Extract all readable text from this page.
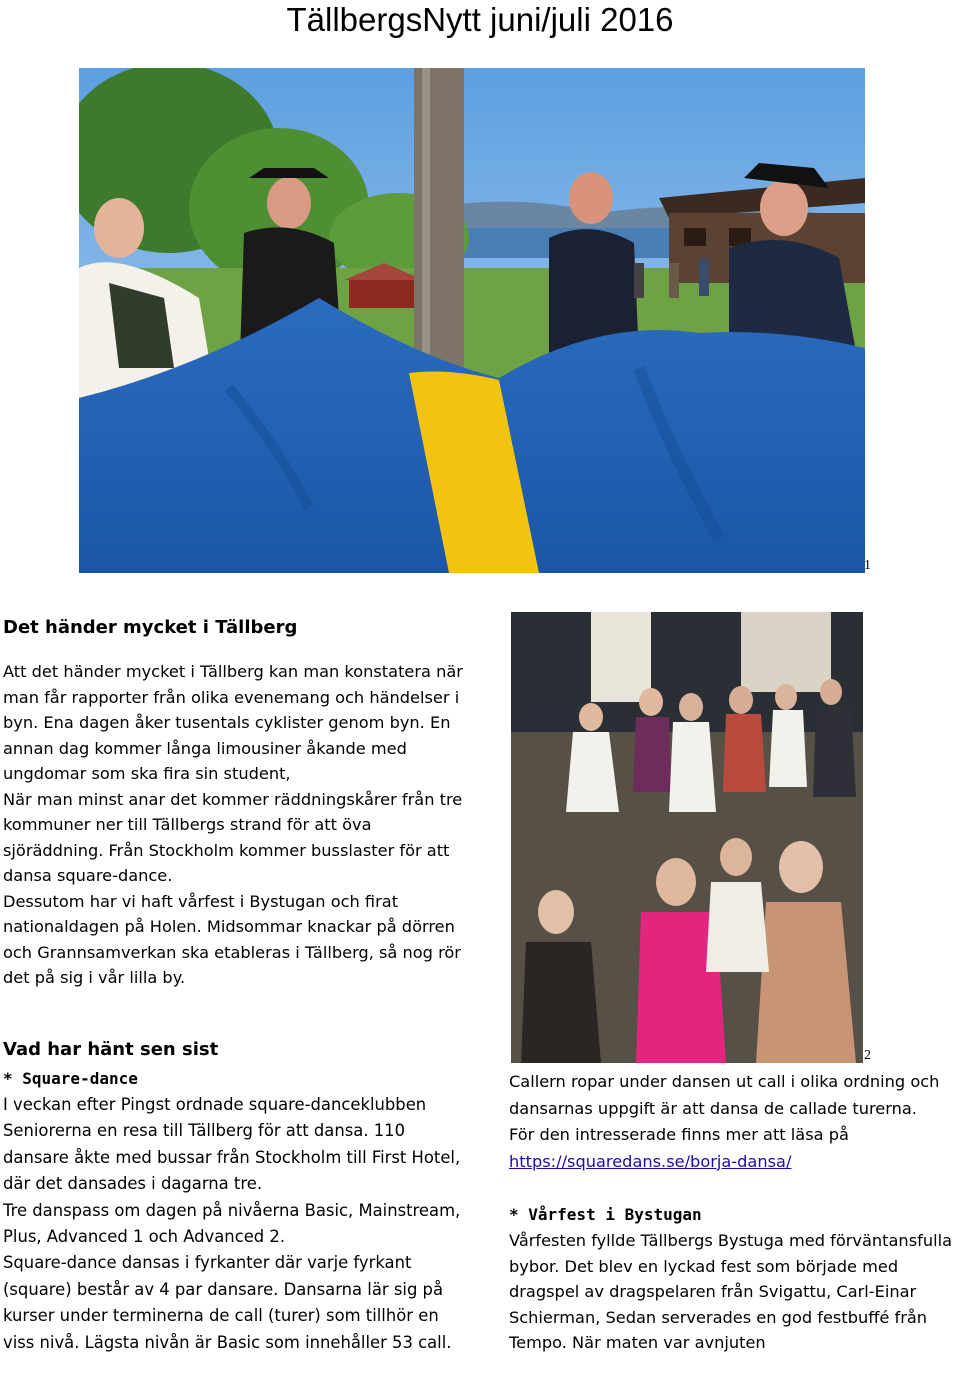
TällbergsNytt juni/juli 2016
1
Det händer mycket i Tällberg

Att det händer mycket i Tällberg kan man konstatera när man får rapporter från olika evenemang och händelser i byn. Ena dagen åker tusentals cyklister genom byn. En annan dag kommer långa limousiner åkande med ungdomar som ska fira sin student,

När man minst anar det kommer räddningskårer från tre kommuner ner till Tällbergs strand för att öva sjöräddning. Från Stockholm kommer busslaster för att dansa square-dance.

Dessutom har vi haft vårfest i Bystugan och firat nationaldagen på Holen. Midsommar knackar på dörren och Grannsamverkan ska etableras i Tällberg, så nog rör det på sig i vår lilla by.

2
Vad har hänt sen sist
* Square-dance

I veckan efter Pingst ordnade square-danceklubben Seniorerna en resa till Tällberg för att dansa. 110 dansare åkte med bussar från Stockholm till First Hotel, där det dansades i dagarna tre.

Tre danspass om dagen på nivåerna Basic, Mainstream, Plus, Advanced 1 och Advanced 2.

Square-dance dansas i fyrkanter där varje fyrkant (square) består av 4 par dansare. Dansarna lär sig på kurser under terminerna de call (turer) som tillhör en viss nivå. Lägsta nivån är Basic som innehåller 53 call.

Callern ropar under dansen ut call i olika ordning och dansarnas uppgift är att dansa de callade turerna.

För den intresserade finns mer att läsa på

https://squaredans.se/borja-dansa/

* Vårfest i Bystugan

Vårfesten fyllde Tällbergs Bystuga med förväntansfulla bybor. Det blev en lyckad fest som började med dragspel av dragspelaren från Svigattu, Carl-Einar Schierman, Sedan serverades en god festbuffé från Tempo. När maten var avnjuten
